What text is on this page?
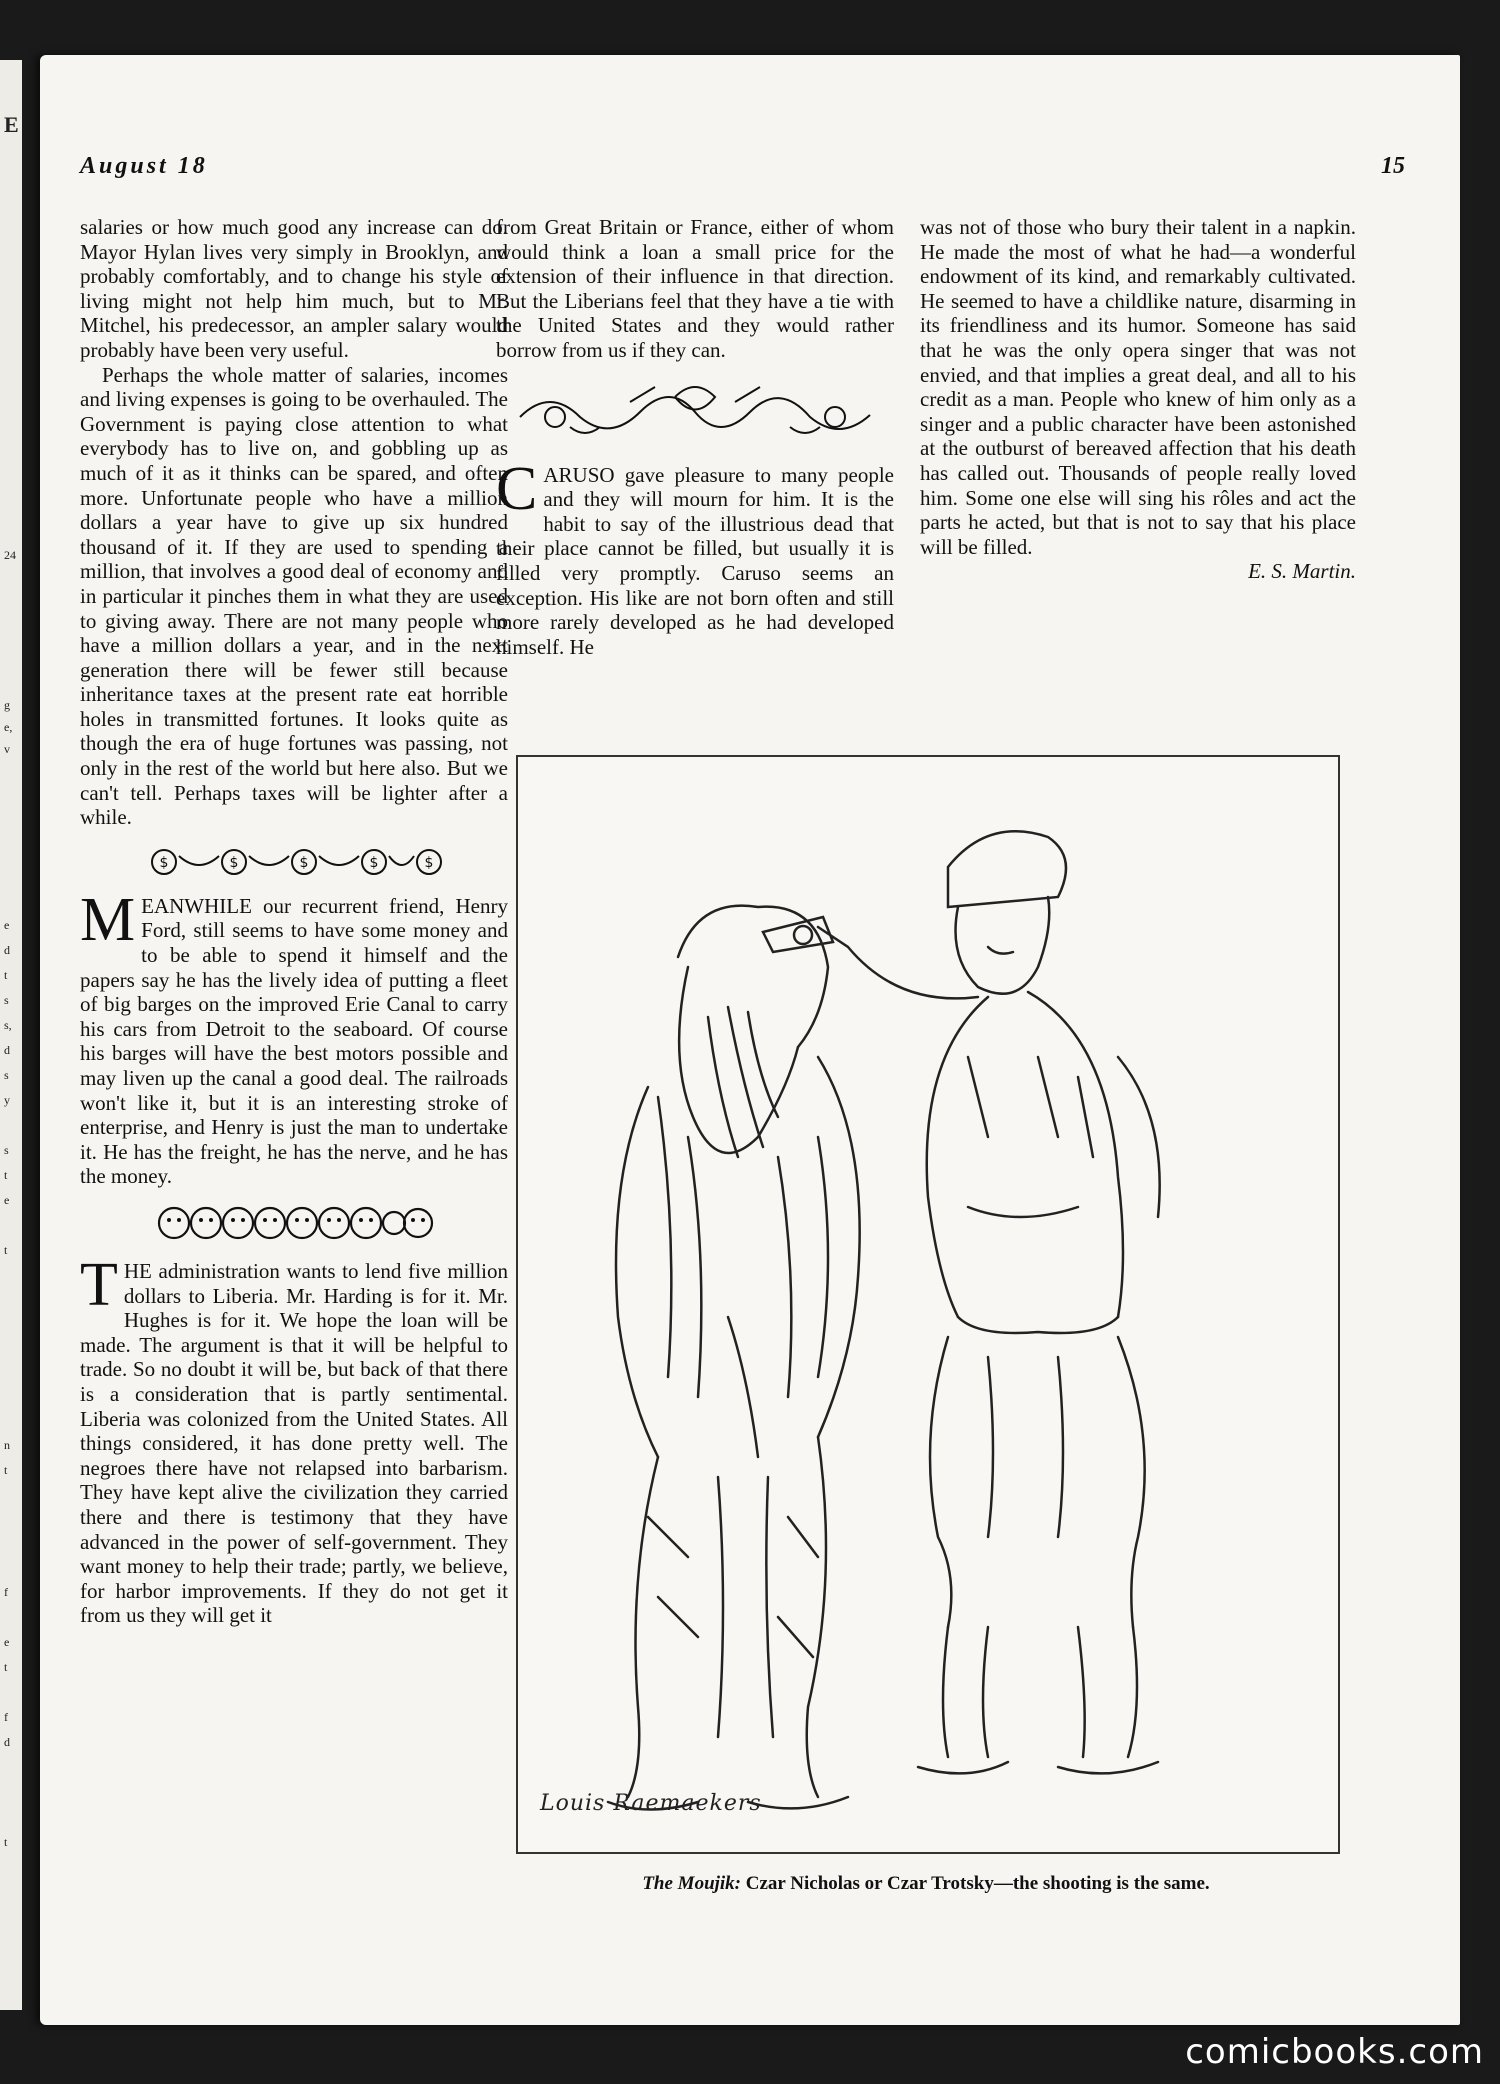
E
24
g
e,
v
e
d
t
s
s,
d
s
y
s
t
e
t
n
t
f
e
t
f
d
t
August 18	15

salaries or how much good any increase can do. Mayor Hylan lives very simply in Brooklyn, and probably comfortably, and to change his style of living might not help him much, but to Mr. Mitchel, his predecessor, an ampler salary would probably have been very useful.

Perhaps the whole matter of salaries, incomes and living expenses is going to be overhauled. The Government is paying close attention to what everybody has to live on, and gobbling up as much of it as it thinks can be spared, and often more. Unfortunate people who have a million dollars a year have to give up six hundred thousand of it. If they are used to spending a million, that involves a good deal of economy and in particular it pinches them in what they are used to giving away. There are not many people who have a million dollars a year, and in the next generation there will be fewer still because inheritance taxes at the present rate eat horrible holes in transmitted fortunes. It looks quite as though the era of huge fortunes was passing, not only in the rest of the world but here also. But we can't tell. Perhaps taxes will be lighter after a while.

$	$	$	$	$

MEANWHILE our recurrent friend, Henry Ford, still seems to have some money and to be able to spend it himself and the papers say he has the lively idea of putting a fleet of big barges on the improved Erie Canal to carry his cars from Detroit to the seaboard. Of course his barges will have the best motors possible and may liven up the canal a good deal. The railroads won't like it, but it is an interesting stroke of enterprise, and Henry is just the man to undertake it. He has the freight, he has the nerve, and he has the money.

THE administration wants to lend five million dollars to Liberia. Mr. Harding is for it. Mr. Hughes is for it. We hope the loan will be made. The argument is that it will be helpful to trade. So no doubt it will be, but back of that there is a consideration that is partly sentimental. Liberia was colonized from the United States. All things considered, it has done pretty well. The negroes there have not relapsed into barbarism. They have kept alive the civilization they carried there and there is testimony that they have advanced in the power of self-government. They want money to help their trade; partly, we believe, for harbor improvements. If they do not get it from us they will get it

from Great Britain or France, either of whom would think a loan a small price for the extension of their influence in that direction. But the Liberians feel that they have a tie with the United States and they would rather borrow from us if they can.

CARUSO gave pleasure to many people and they will mourn for him. It is the habit to say of the illustrious dead that their place cannot be filled, but usually it is filled very promptly. Caruso seems an exception. His like are not born often and still more rarely developed as he had developed himself. He

was not of those who bury their talent in a napkin. He made the most of what he had—a wonderful endowment of its kind, and remarkably cultivated. He seemed to have a childlike nature, disarming in its friendliness and its humor. Someone has said that he was the only opera singer that was not envied, and that implies a great deal, and all to his credit as a man. People who knew of him only as a singer and a public character have been astonished at the outburst of bereaved affection that his death has called out. Thousands of people really loved him. Some one else will sing his rôles and act the parts he acted, but that is not to say that his place will be filled.

E. S. Martin.

Louis Raemaekers
The Moujik: Czar Nicholas or Czar Trotsky—the shooting is the same.
comicbooks.com
